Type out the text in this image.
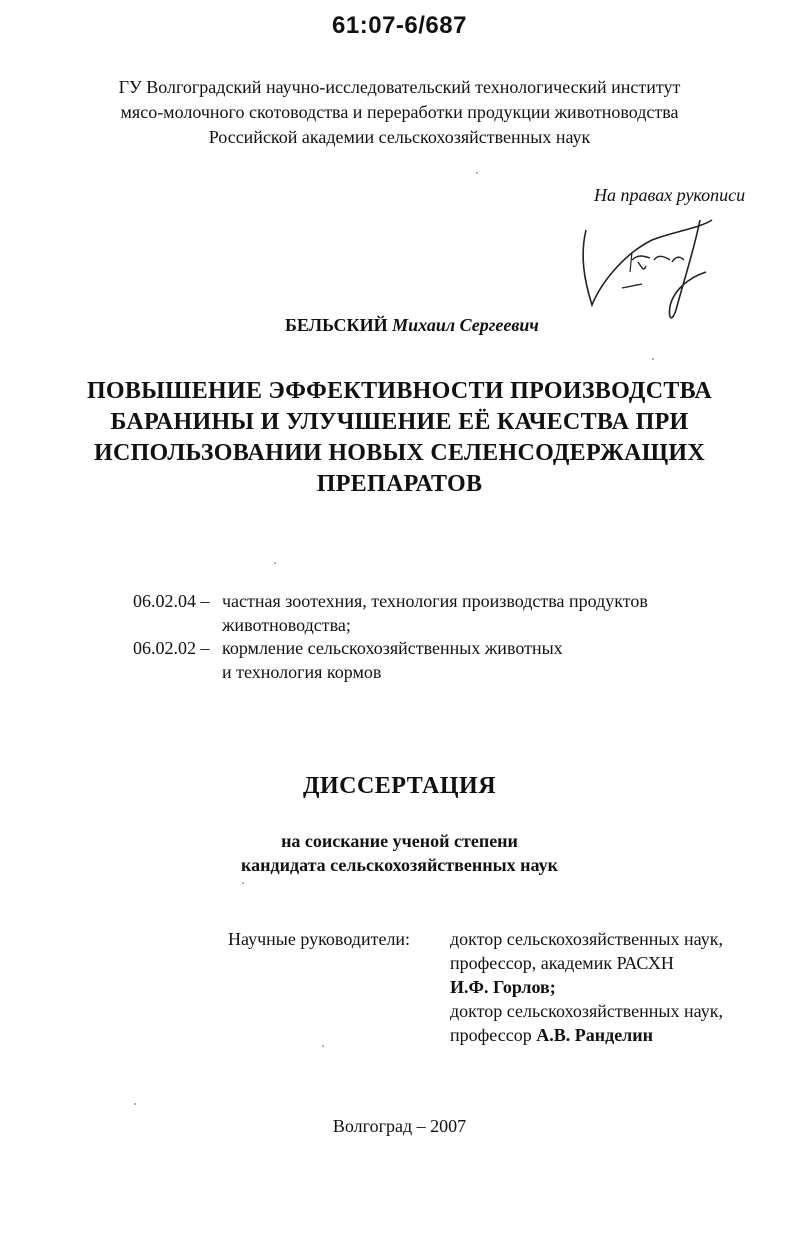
61:07-6/687
ГУ Волгоградский научно-исследовательский технологический институт
мясо-молочного скотоводства и переработки продукции животноводства
Российской академии сельскохозяйственных наук
На правах рукописи
БЕЛЬСКИЙ Михаил Сергеевич
ПОВЫШЕНИЕ ЭФФЕКТИВНОСТИ ПРОИЗВОДСТВА
БАРАНИНЫ И УЛУЧШЕНИЕ ЕЁ КАЧЕСТВА ПРИ
ИСПОЛЬЗОВАНИИ НОВЫХ СЕЛЕНСОДЕРЖАЩИХ
ПРЕПАРАТОВ
06.02.04 – частная зоотехния, технология производства продуктов
животноводства;
06.02.02 – кормление сельскохозяйственных животных
и технология кормов
ДИССЕРТАЦИЯ
на соискание ученой степени
кандидата сельскохозяйственных наук
Научные руководители: доктор сельскохозяйственных наук,
профессор, академик РАСХН
И.Ф. Горлов;
доктор сельскохозяйственных наук,
профессор А.В. Ранделин
Волгоград – 2007
